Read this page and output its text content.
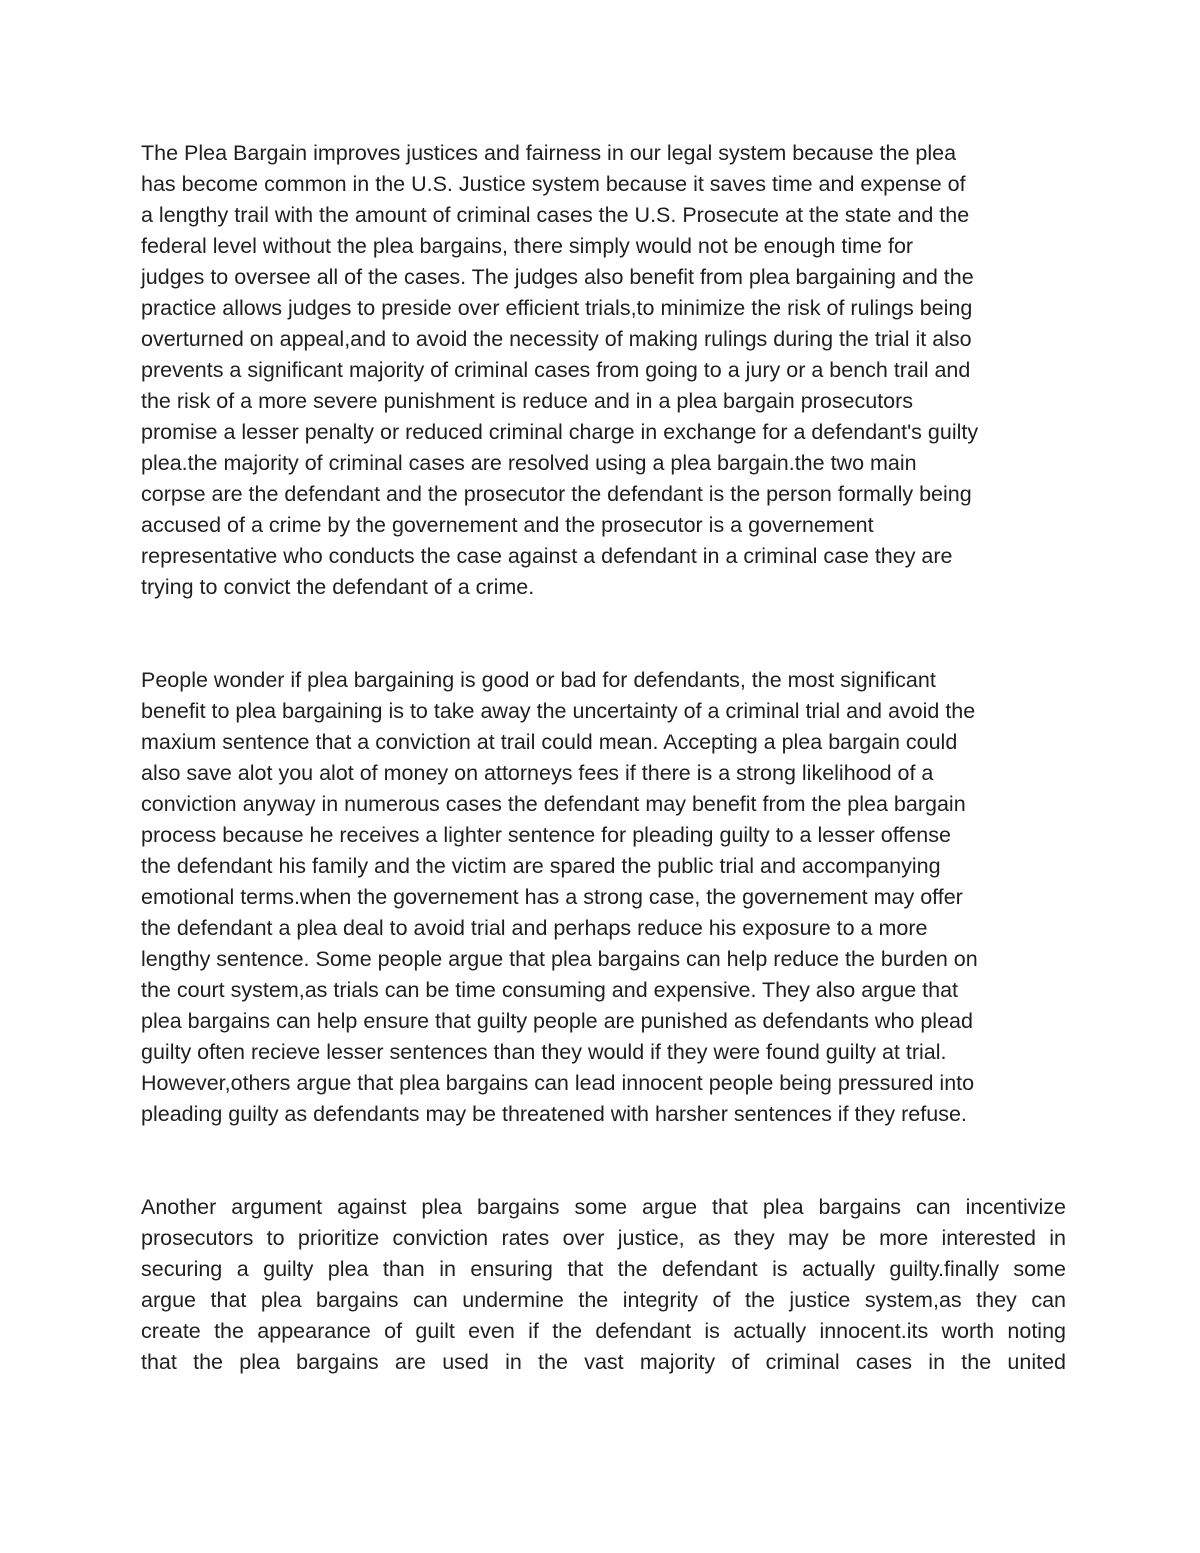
The Plea Bargain improves justices and fairness in our legal system because the plea
has become common in the U.S. Justice system because it saves time and expense of
a lengthy trail with the amount of criminal cases the U.S. Prosecute at the state and the
federal level without the plea bargains, there simply would not be enough time for
judges to oversee all of the cases. The judges also benefit from plea bargaining and the
practice allows judges to preside over efficient trials,to minimize the risk of rulings being
overturned on appeal,and to avoid the necessity of making rulings during the trial it also
prevents a significant majority of criminal cases from going to a jury or a bench trail and
the risk of a more severe punishment is reduce and in a plea bargain prosecutors
promise a lesser penalty or reduced criminal charge in exchange for a defendant's guilty
plea.the majority of criminal cases are resolved using a plea bargain.the two main
corpse are the defendant and the prosecutor the defendant is the person formally being
accused of a crime by the governement and the prosecutor is a governement
representative who conducts the case against a defendant in a criminal case they are
trying to convict the defendant of a crime.

People wonder if plea bargaining is good or bad for defendants, the most significant
benefit to plea bargaining is to take away the uncertainty of a criminal trial and avoid the
maxium sentence that a conviction at trail could mean. Accepting a plea bargain could
also save alot you alot of money on attorneys fees if there is a strong likelihood of a
conviction anyway in numerous cases the defendant may benefit from the plea bargain
process because he receives a lighter sentence for pleading guilty to a lesser offense
the defendant his family and the victim are spared the public trial and accompanying
emotional terms.when the governement has a strong case, the governement may offer
the defendant a plea deal to avoid trial and perhaps reduce his exposure to a more
lengthy sentence. Some people argue that plea bargains can help reduce the burden on
the court system,as trials can be time consuming and expensive. They also argue that
plea bargains can help ensure that guilty people are punished as defendants who plead
guilty often recieve lesser sentences than they would if they were found guilty at trial.
However,others argue that plea bargains can lead innocent people being pressured into
pleading guilty as defendants may be threatened with harsher sentences if they refuse.

Another argument against plea bargains some argue that plea bargains can incentivize
prosecutors to prioritize conviction rates over justice, as they may be more interested in
securing a guilty plea than in ensuring that the defendant is actually guilty.finally some
argue that plea bargains can undermine the integrity of the justice system,as they can
create the appearance of guilt even if the defendant is actually innocent.its worth noting
that the plea bargains are used in the vast majority of criminal cases in the united
